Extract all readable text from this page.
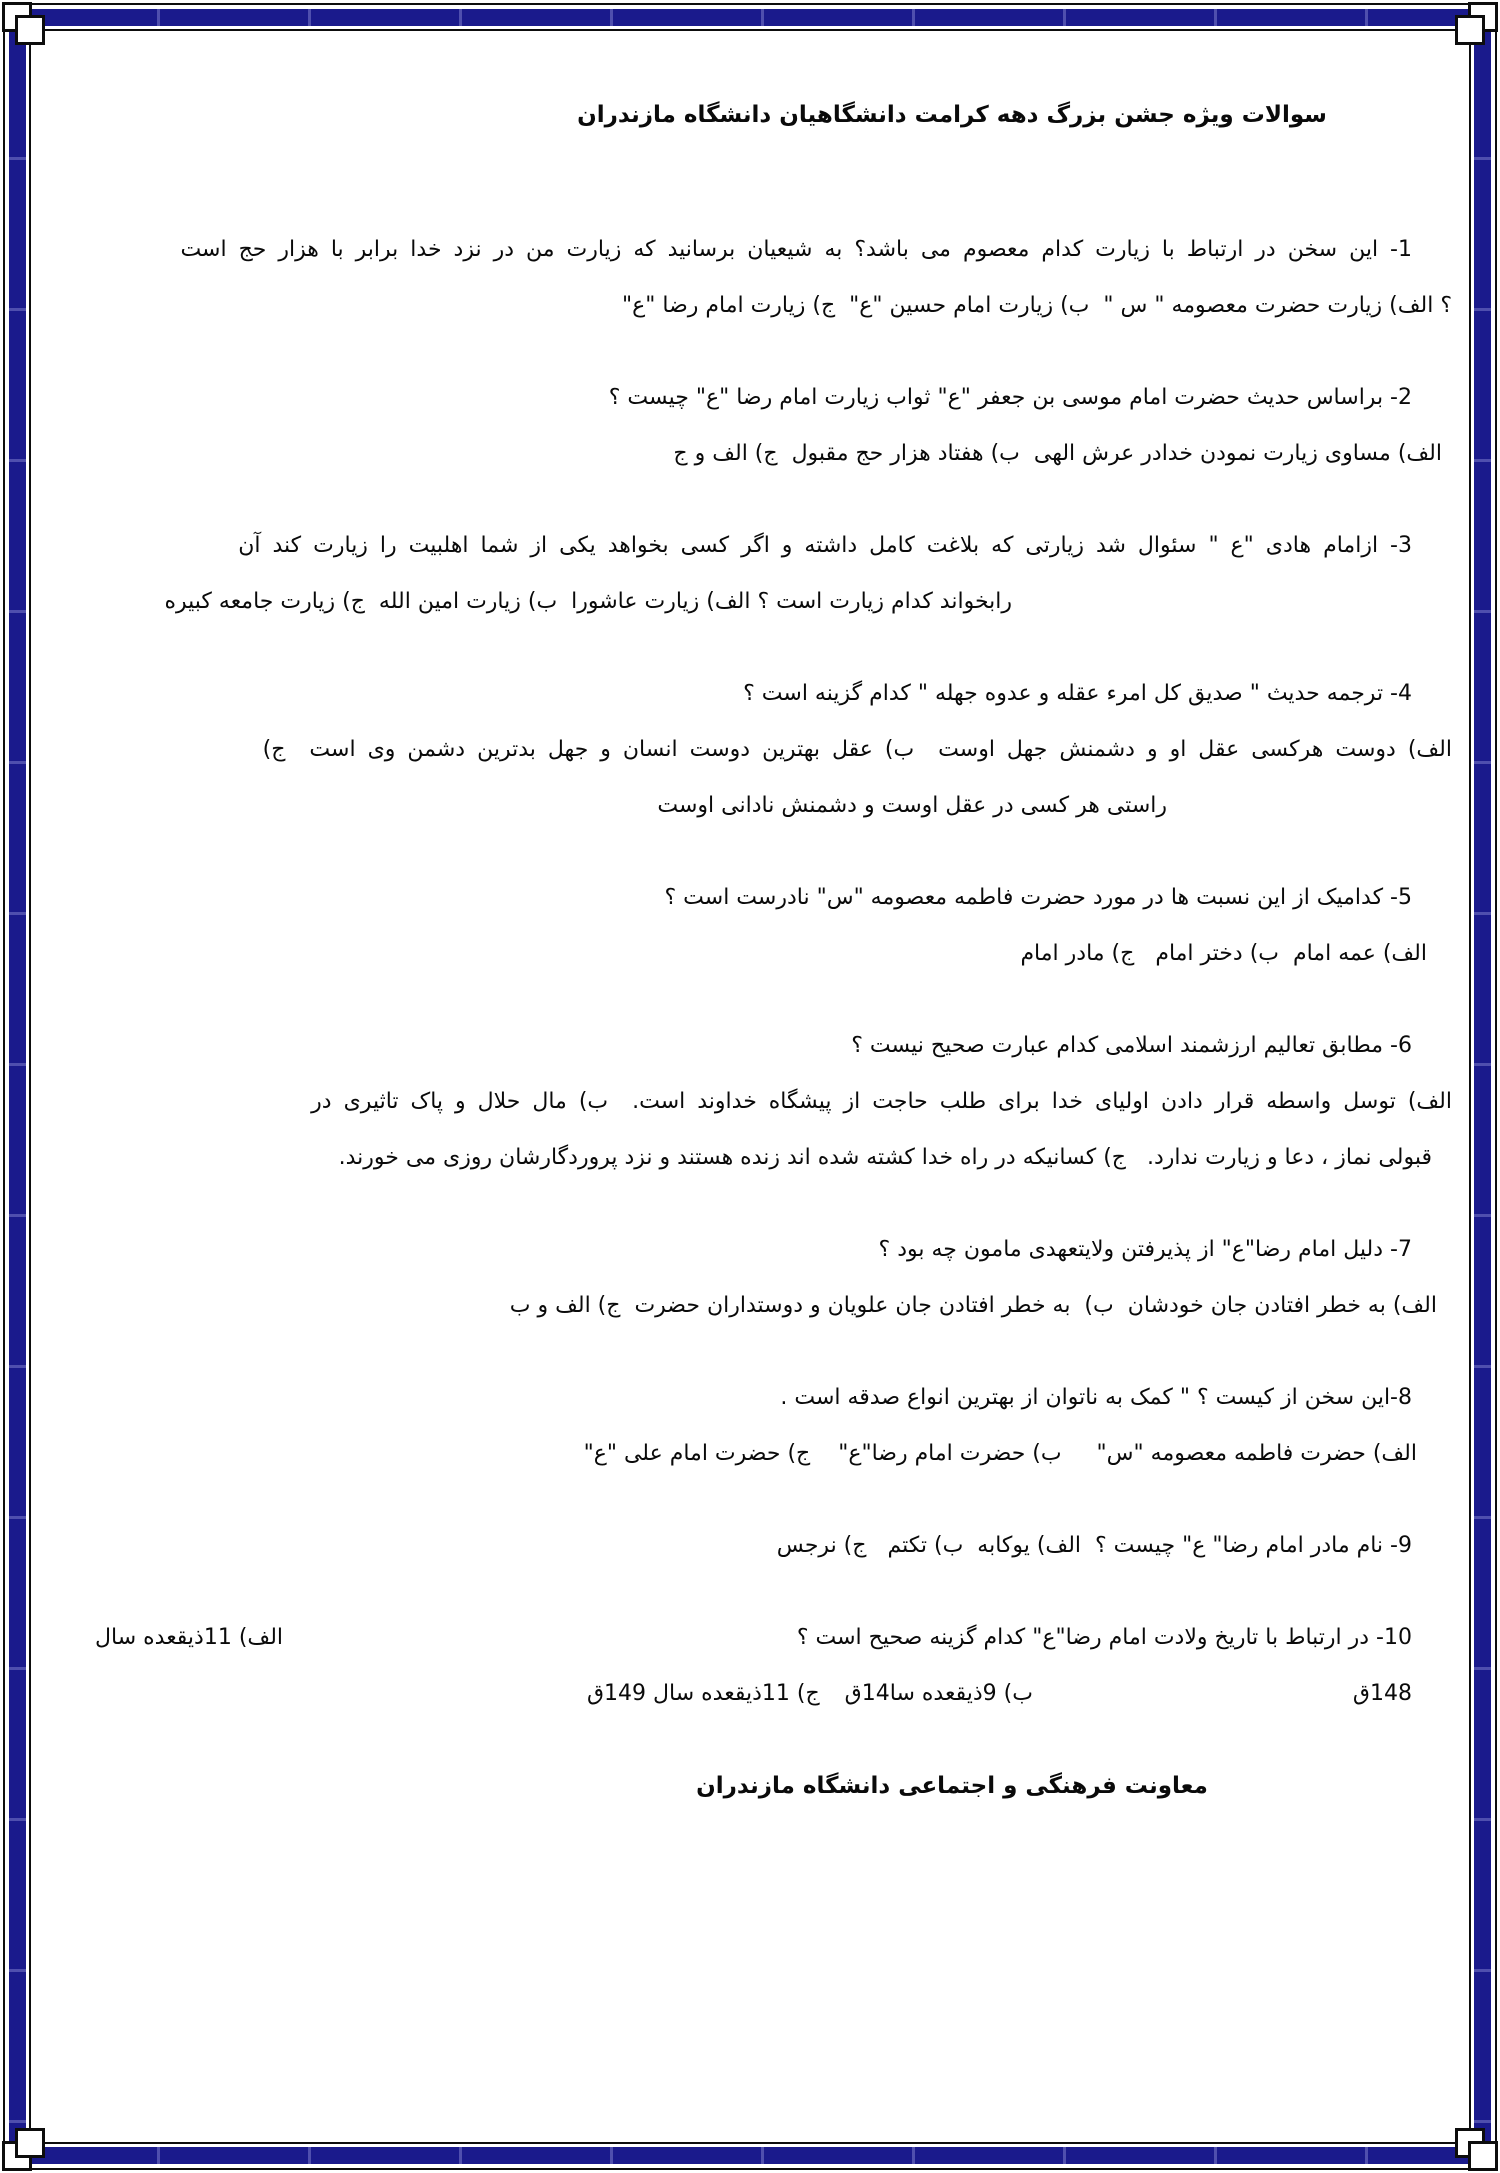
سوالات ویژه جشن بزرگ دهه کرامت دانشگاهیان دانشگاه مازندران
1- این سخن در ارتباط با زیارت کدام معصوم می باشد؟ به شیعیان برسانید که زیارت من در نزد خدا برابر با هزار حج است
؟ الف) زیارت حضرت معصومه " س "  ب) زیارت امام حسین "ع"  ج) زیارت امام رضا "ع"
2- براساس حدیث حضرت امام موسی بن جعفر "ع" ثواب زیارت امام رضا "ع" چیست ؟
الف) مساوی زیارت نمودن خدادر عرش الهی  ب) هفتاد هزار حج مقبول  ج) الف و ج
3- ازامام هادی "ع " سئوال شد زیارتی که بلاغت کامل داشته و اگر کسی بخواهد یکی از شما اهلبیت را زیارت کند آن
رابخواند کدام زیارت است ؟ الف) زیارت عاشورا  ب) زیارت امین الله  ج) زیارت جامعه کبیره
4- ترجمه حدیث " صدیق کل امرء عقله و عدوه جهله " کدام گزینه است ؟
الف) دوست هرکسی عقل او و دشمنش جهل اوست  ب) عقل بهترین دوست انسان و جهل بدترین دشمن وی است  ج)
راستی هر کسی در عقل اوست و دشمنش نادانی اوست
5- کدامیک از این نسبت ها در مورد حضرت فاطمه معصومه "س" نادرست است ؟
الف) عمه امام  ب) دختر امام   ج) مادر امام
6- مطابق تعالیم ارزشمند اسلامی کدام عبارت صحیح نیست ؟
الف) توسل واسطه قرار دادن اولیای خدا برای طلب حاجت از پیشگاه خداوند است.  ب) مال حلال و پاک تاثیری در
قبولی نماز ، دعا و زیارت ندارد.   ج) کسانیکه در راه خدا کشته شده اند زنده هستند و نزد پروردگارشان روزی می خورند.
7- دلیل امام رضا"ع" از پذیرفتن ولایتعهدی مامون چه بود ؟
الف) به خطر افتادن جان خودشان  ب)  به خطر افتادن جان علویان و دوستداران حضرت  ج) الف و ب
8-این سخن از کیست ؟ " کمک به ناتوان از بهترین انواع صدقه است .
الف) حضرت فاطمه معصومه "س"     ب) حضرت امام رضا"ع"    ج) حضرت امام علی "ع"
9- نام مادر امام رضا" ع" چیست ؟  الف) یوکابه  ب) تکتم   ج) نرجس
10- در ارتباط با تاریخ ولادت امام رضا"ع" کدام گزینه صحیح است ؟
الف) 11ذیقعده سال
148ق
ب) 9ذیقعده سا14ق
ج) 11ذیقعده سال 149ق
معاونت فرهنگی و اجتماعی دانشگاه مازندران
